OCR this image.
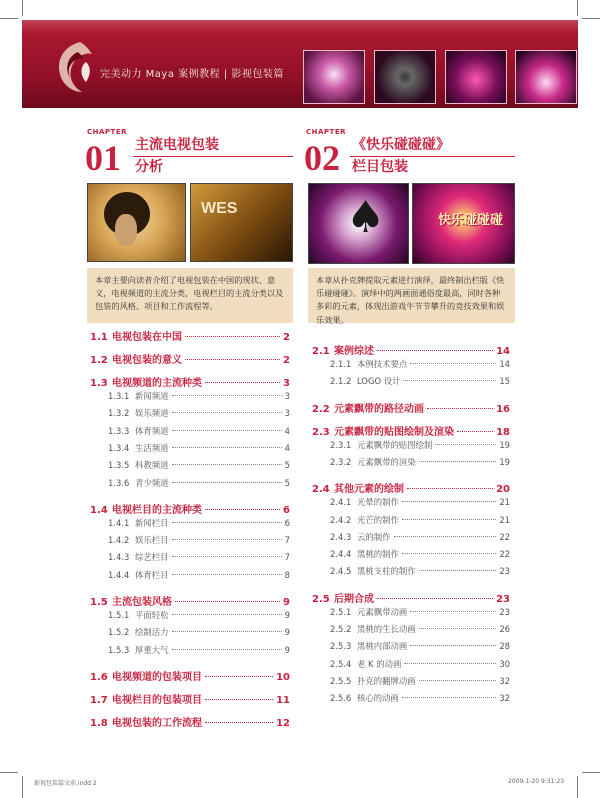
完美动力 Maya 案例教程 | 影视包装篇
CHAPTER
01 主流电视包装
分析
CHAPTER
02 《快乐碰碰碰》
栏目包装
WES ♠	快乐碰碰碰
本章主要向读者介绍了电视包装在中国的现状、意义，电视频道的主流分类，电视栏目的主流分类以及包装的风格、项目和工作流程等。
本章从扑克牌提取元素进行演绎，最终制出栏版《快乐碰碰碰》。演绎中的两画面通俗度最高，同时各种多彩的元素，体现出游戏牛节节攀升的竞技效果和娱乐效果。
1.1 电视包装在中国	2
1.2 电视包装的意义	2
1.3 电视频道的主流种类	3
1.3.1 新闻频道	3
1.3.2 娱乐频道	3
1.3.3 体育频道	4
1.3.4 生活频道	4
1.3.5 科教频道	5
1.3.6 青少频道	5
1.4 电视栏目的主流种类	6
1.4.1 新闻栏目	6
1.4.2 娱乐栏目	7
1.4.3 综艺栏目	7
1.4.4 体育栏目	8
1.5 主流包装风格	9
1.5.1 平面轻松	9
1.5.2 绘制活力	9
1.5.3 厚重大气	9
1.6 电视频道的包装项目	10
1.7 电视栏目的包装项目	11
1.8 电视包装的工作流程	12
2.1 案例综述	14
2.1.1 本例技术要点	14
2.1.2 LOGO 设计	15
2.2 元素飘带的路径动画	16
2.3 元素飘带的贴图绘制及渲染	18
2.3.1 元素飘带的贴图绘制	19
2.3.2 元素飘带的渲染	19
2.4 其他元素的绘制	20
2.4.1 光晕的制作	21
2.4.2 光芒的制作	21
2.4.3 云的制作	22
2.4.4 黑桃的制作	22
2.4.5 黑桃支柱的制作	23
2.5 后期合成	23
2.5.1 元素飘带动画	23
2.5.2 黑桃的生长动画	26
2.5.3 黑桃内部动画	28
2.5.4 老 K 的动画	30
2.5.5 扑克的翻牌动画	32
2.5.6 核心的动画	32
影视包装篇文前.indd 2	2009-1-20 9:31:23
